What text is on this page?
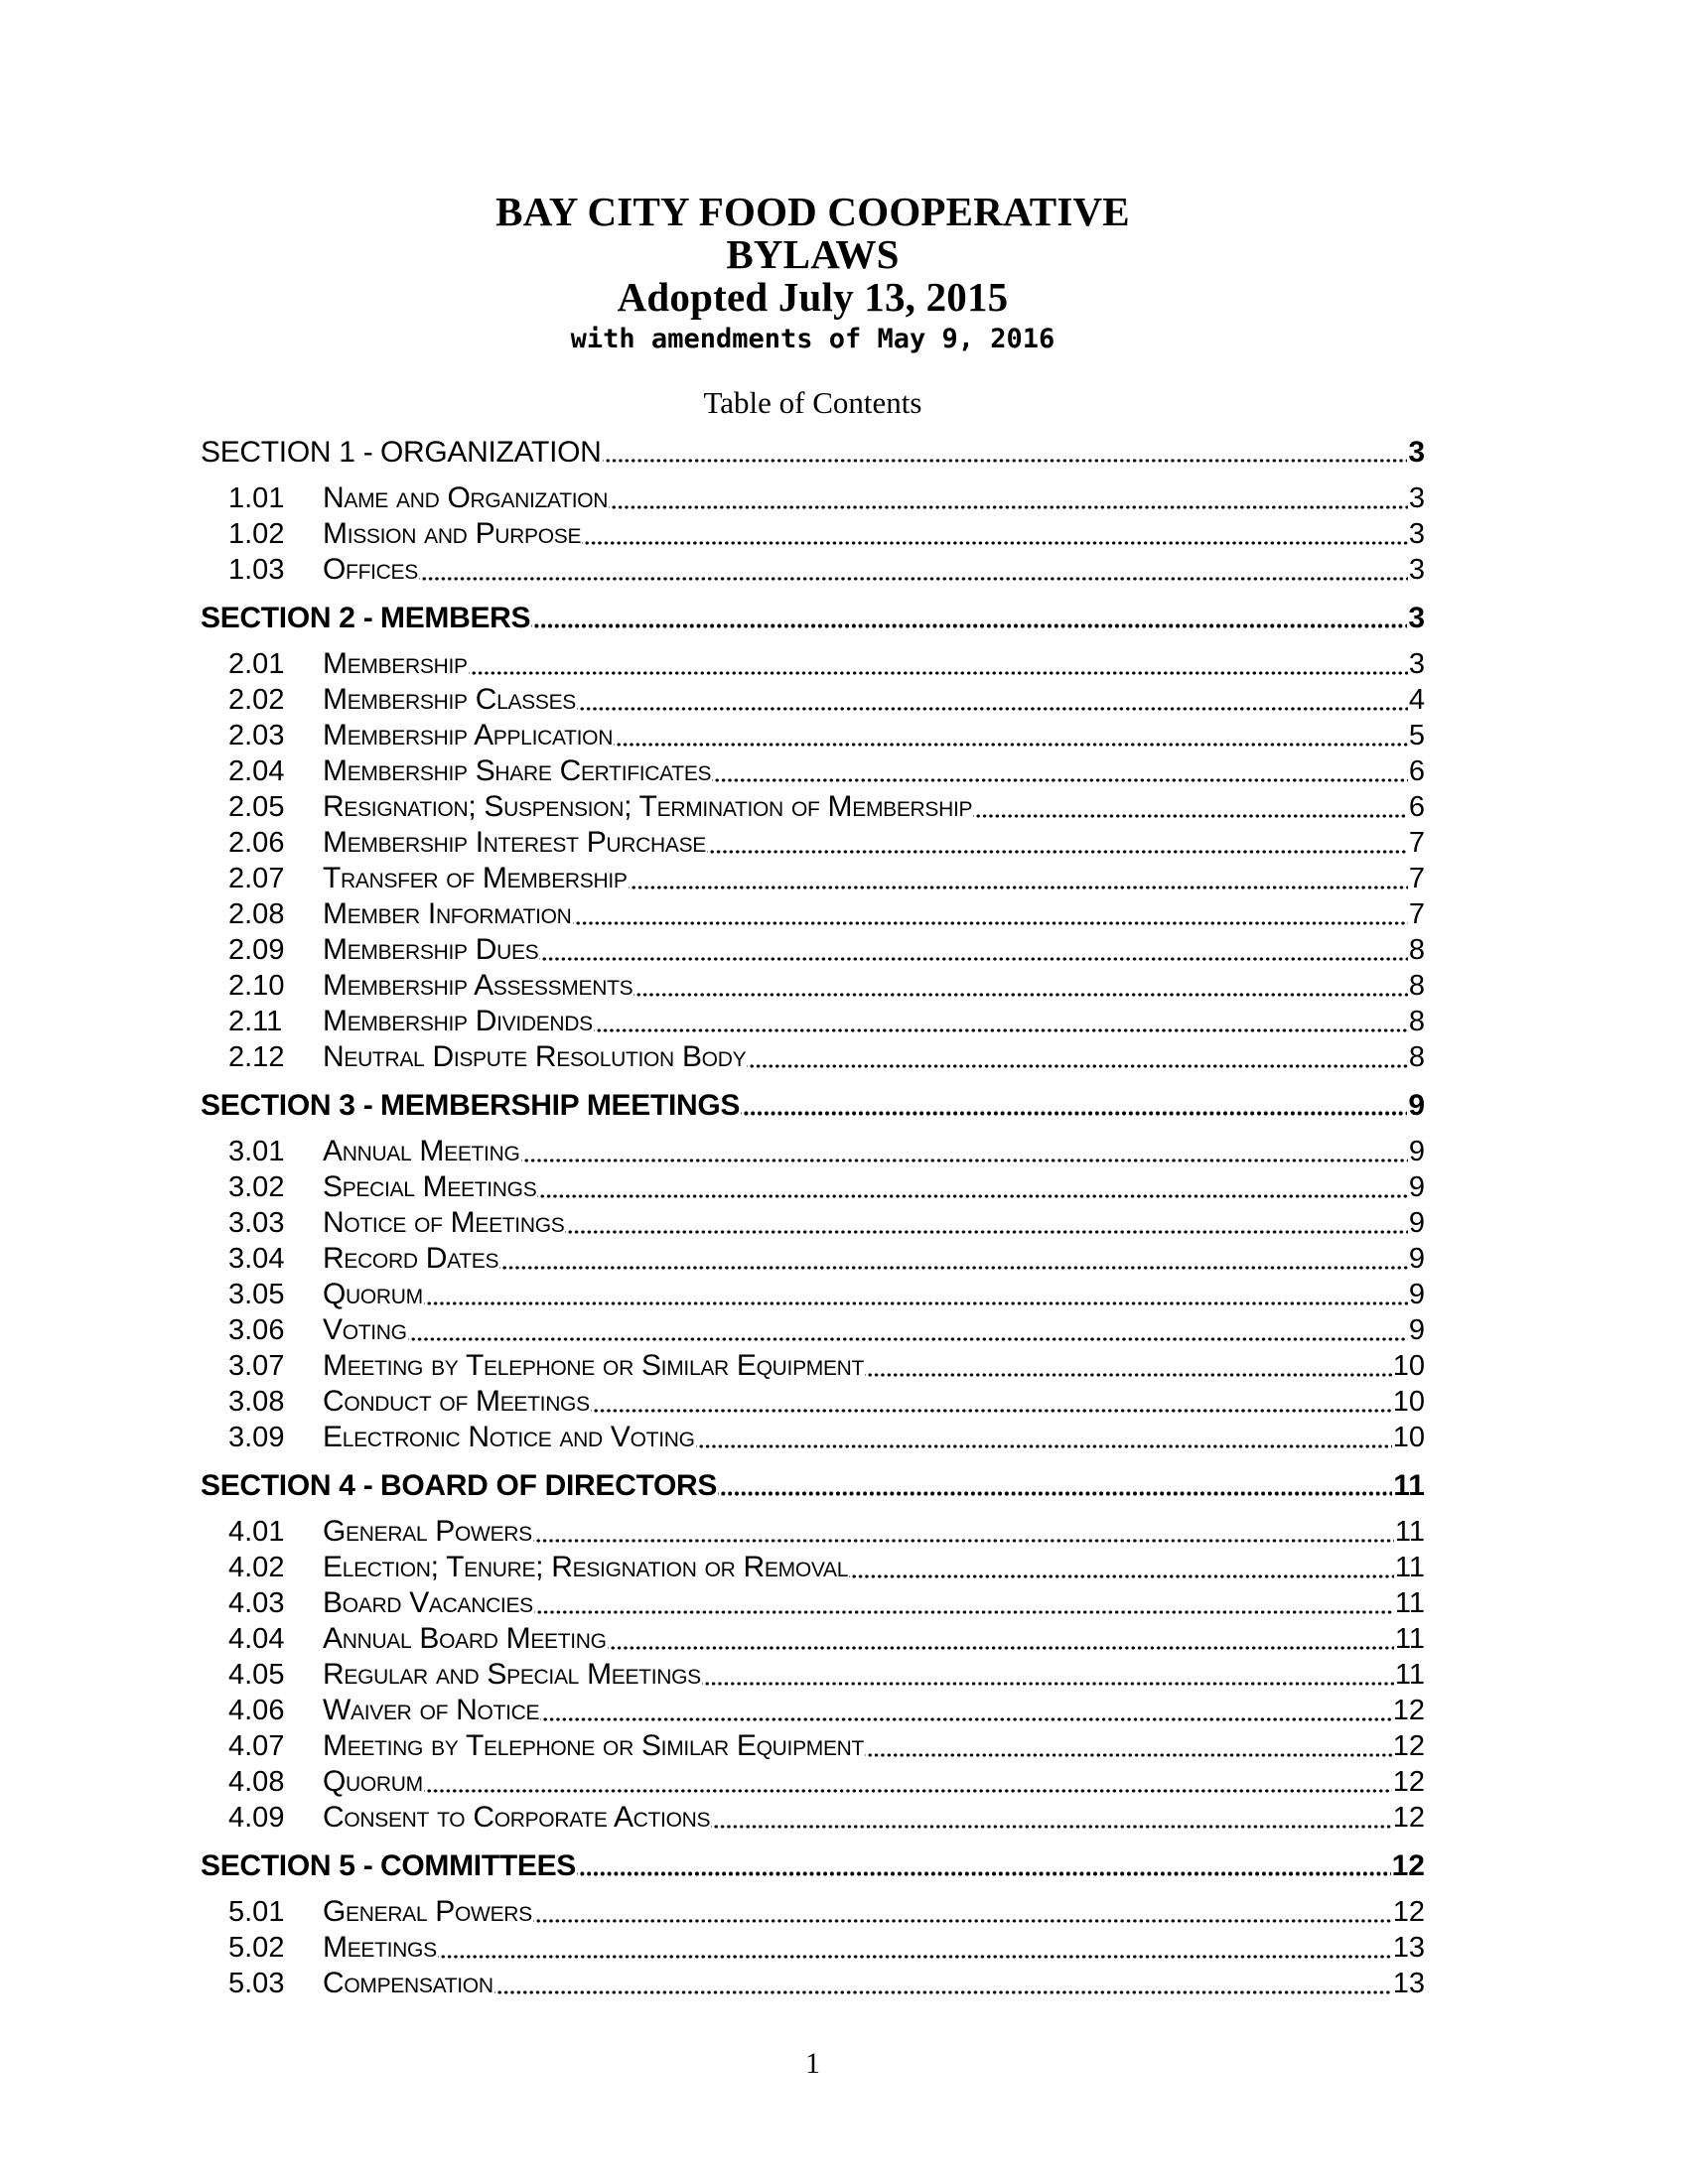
BAY CITY FOOD COOPERATIVE
BYLAWS
Adopted July 13, 2015
with amendments of May 9, 2016
Table of Contents
SECTION 1 - ORGANIZATION	3
1.01	Name and Organization	3
1.02	Mission and Purpose	3
1.03	Offices	3
SECTION 2 - MEMBERS	3
2.01	Membership	3
2.02	Membership Classes	4
2.03	Membership Application	5
2.04	Membership Share Certificates	6
2.05	Resignation; Suspension; Termination of Membership	6
2.06	Membership Interest Purchase	7
2.07	Transfer of Membership	7
2.08	Member Information	7
2.09	Membership Dues	8
2.10	Membership Assessments	8
2.11	Membership Dividends	8
2.12	Neutral Dispute Resolution Body	8
SECTION 3 - MEMBERSHIP MEETINGS	9
3.01	Annual Meeting	9
3.02	Special Meetings	9
3.03	Notice of Meetings	9
3.04	Record Dates	9
3.05	Quorum	9
3.06	Voting	9
3.07	Meeting by Telephone or Similar Equipment	10
3.08	Conduct of Meetings	10
3.09	Electronic Notice and Voting	10
SECTION 4 - BOARD OF DIRECTORS	11
4.01	General Powers	11
4.02	Election; Tenure; Resignation or Removal	11
4.03	Board Vacancies	11
4.04	Annual Board Meeting	11
4.05	Regular and Special Meetings	11
4.06	Waiver of Notice	12
4.07	Meeting by Telephone or Similar Equipment	12
4.08	Quorum	12
4.09	Consent to Corporate Actions	12
SECTION 5 - COMMITTEES	12
5.01	General Powers	12
5.02	Meetings	13
5.03	Compensation	13
1
